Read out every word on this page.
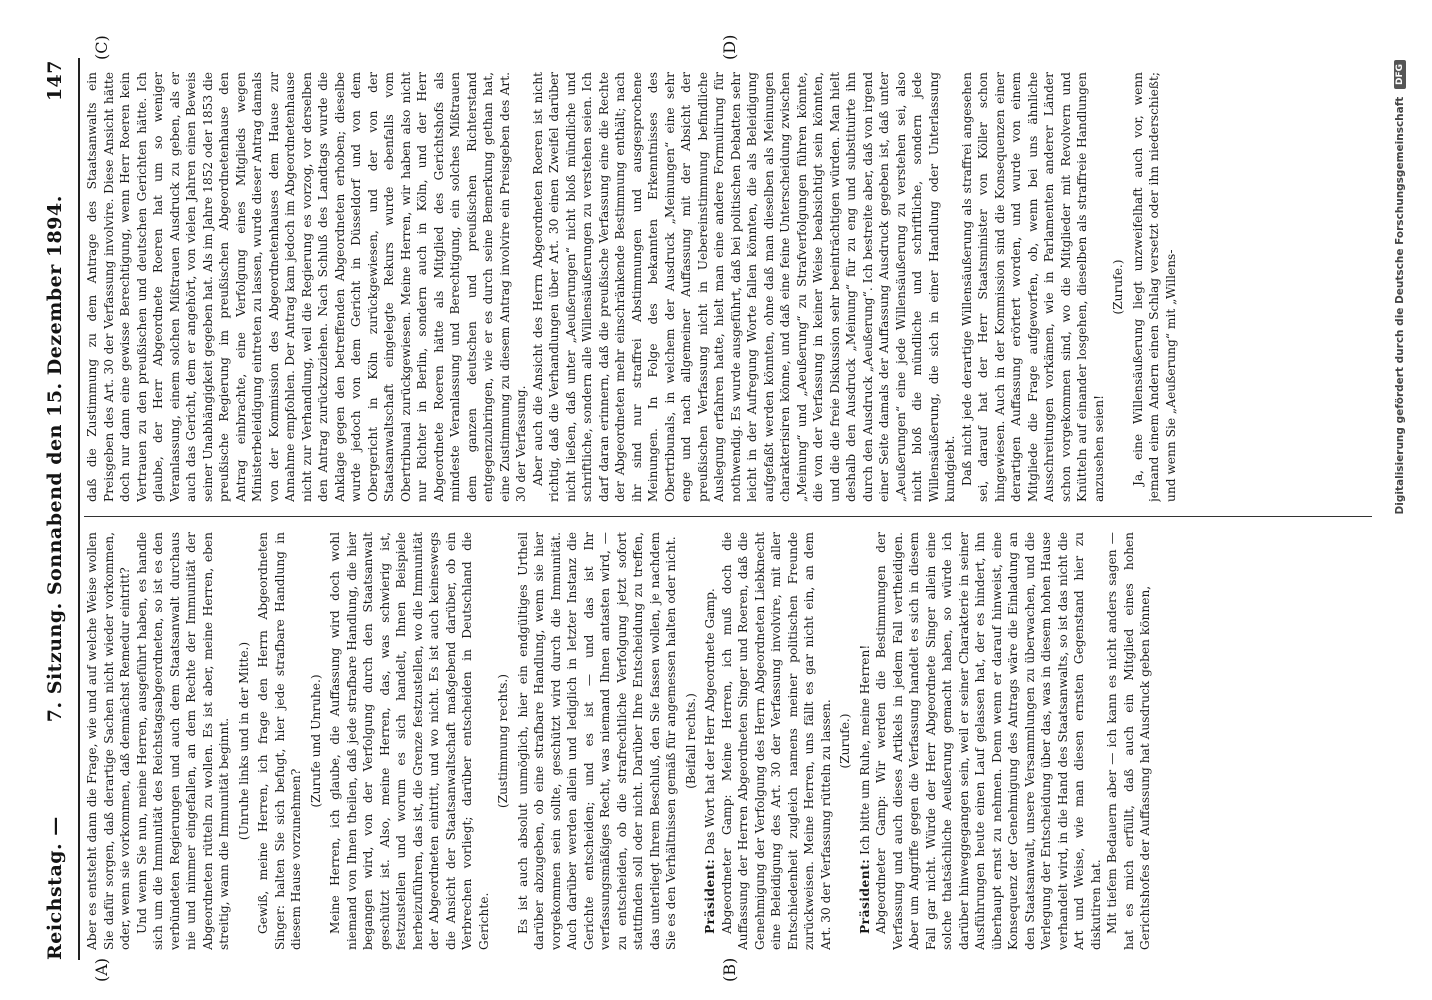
Reichstag. —
7. Sitzung. Sonnabend den 15. Dezember 1894.
147
(A)	(B)
(C)	(D)

Aber es entsteht dann die Frage, wie und auf welche Weise wollen Sie dafür sorgen, daß derartige Sachen nicht wieder vorkommen, oder, wenn sie vorkommen, daß demnächst Remedur eintritt? Und wenn Sie nun, meine Herren, ausgeführt haben, es handle sich um die Immunität des Reichstagsabgeordneten, so ist es den verbündeten Regierungen und auch dem Staatsanwalt durchaus nie und nimmer eingefallen, an dem Rechte der Immunität der Abgeordneten rütteln zu wollen. Es ist aber, meine Herren, eben streitig, wann die Immunität beginnt. (Unruhe links und in der Mitte.) Gewiß, meine Herren, ich frage den Herrn Abgeordneten Singer: halten Sie sich befugt, hier jede strafbare Handlung in diesem Hause vorzunehmen?

(Zurufe und Unruhe.) Meine Herren, ich glaube, die Auffassung wird doch wohl niemand von Ihnen theilen, daß jede strafbare Handlung, die hier begangen wird, von der Verfolgung durch den Staatsanwalt geschützt ist. Also, meine Herren, das, was schwierig ist, festzustellen und worum es sich handelt, Ihnen Beispiele herbeizuführen, das ist, die Grenze festzustellen, wo die Immunität der Abgeordneten eintritt, und wo nicht. Es ist auch keineswegs die Ansicht der Staatsanwaltschaft maßgebend darüber, ob ein Verbrechen vorliegt; darüber entscheiden in Deutschland die Gerichte.

(Zustimmung rechts.) Es ist auch absolut unmöglich, hier ein endgültiges Urtheil darüber abzugeben, ob eine strafbare Handlung, wenn sie hier vorgekommen sein sollte, geschützt wird durch die Immunität. Auch darüber werden allein und lediglich in letzter Instanz die Gerichte entscheiden; und es ist — und das ist Ihr verfassungsmäßiges Recht, was niemand Ihnen antasten wird, — zu entscheiden, ob die strafrechtliche Verfolgung jetzt sofort stattfinden soll oder nicht. Darüber Ihre Entscheidung zu treffen, das unterliegt Ihrem Beschluß, den Sie fassen wollen, je nachdem Sie es den Verhältnissen gemäß für angemessen halten oder nicht. (Beifall rechts.)

Präsident: Das Wort hat der Herr Abgeordnete Gamp. Abgeordneter Gamp: Meine Herren, ich muß doch die Auffassung der Herren Abgeordneten Singer und Roeren, daß die Genehmigung der Verfolgung des Herrn Abgeordneten Liebknecht eine Beleidigung des Art. 30 der Verfassung involvire, mit aller Entschiedenheit zugleich namens meiner politischen Freunde zurückweisen. Meine Herren, uns fällt es gar nicht ein, an dem Art. 30 der Verfassung rütteln zu lassen. (Zurufe.)

Präsident: Ich bitte um Ruhe, meine Herren! Abgeordneter Gamp: Wir werden die Bestimmungen der Verfassung und auch dieses Artikels in jedem Fall vertheidigen. Aber um Angriffe gegen die Verfassung handelt es sich in diesem Fall gar nicht. Würde der Herr Abgeordnete Singer allein eine solche thatsächliche Aeußerung gemacht haben, so würde ich darüber hinweggegangen sein, weil er seiner Charakterie in seiner Ausführungen heute einen Lauf gelassen hat, der es hindert, ihn überhaupt ernst zu nehmen. Denn wenn er darauf hinweist, eine Konsequenz der Genehmigung des Antrags wäre die Einladung an den Staatsanwalt, unsere Versammlungen zu überwachen, und die Verlegung der Entscheidung über das, was in diesem hohen Hause verhandelt wird, in die Hand des Staatsanwalts, so ist das nicht die Art und Weise, wie man diesen ernsten Gegenstand hier zu diskutiren hat. Mit tiefem Bedauern aber — ich kann es nicht anders sagen — hat es mich erfüllt, daß auch ein Mitglied eines hohen Gerichtshofes der Auffassung hat Ausdruck geben können,

daß die Zustimmung zu dem Antrage des Staatsanwalts ein Preisgeben des Art. 30 der Verfassung involvire. Diese Ansicht hätte doch nur dann eine gewisse Berechtigung, wenn Herr Roeren kein Vertrauen zu den preußischen und deutschen Gerichten hätte. Ich glaube, der Herr Abgeordnete Roeren hat um so weniger Veranlassung, einem solchen Mißtrauen Ausdruck zu geben, als er auch das Gericht, dem er angehört, von vielen Jahren einen Beweis seiner Unabhängigkeit gegeben hat. Als im Jahre 1852 oder 1853 die preußische Regierung im preußischen Abgeordnetenhause den Antrag einbrachte, eine Verfolgung eines Mitglieds wegen Ministerbeleidigung eintreten zu lassen, wurde dieser Antrag damals von der Kommission des Abgeordnetenhauses dem Hause zur Annahme empfohlen. Der Antrag kam jedoch im Abgeordnetenhause nicht zur Verhandlung, weil die Regierung es vorzog, vor derselben den Antrag zurückzuziehen. Nach Schluß des Landtags wurde die Anklage gegen den betreffenden Abgeordneten erhoben; dieselbe wurde jedoch von dem Gericht in Düsseldorf und von dem Obergericht in Köln zurückgewiesen, und der von der Staatsanwaltschaft eingelegte Rekurs wurde ebenfalls vom Obertribunal zurückgewiesen. Meine Herren, wir haben also nicht nur Richter in Berlin, sondern auch in Köln, und der Herr Abgeordnete Roeren hätte als Mitglied des Gerichtshofs als mindeste Veranlassung und Berechtigung, ein solches Mißtrauen dem ganzen deutschen und preußischen Richterstand entgegenzubringen, wie er es durch seine Bemerkung gethan hat, eine Zustimmung zu diesem Antrag involvire ein Preisgeben des Art. 30 der Verfassung. Aber auch die Ansicht des Herrn Abgeordneten Roeren ist nicht richtig, daß die Verhandlungen über Art. 30 einen Zweifel darüber nicht ließen, daß unter „Aeußerungen“ nicht bloß mündliche und schriftliche, sondern alle Willensäußerungen zu verstehen seien. Ich darf daran erinnern, daß die preußische Verfassung eine die Rechte der Abgeordneten mehr einschränkende Bestimmung enthält; nach ihr sind nur straffrei Abstimmungen und ausgesprochene Meinungen. In Folge des bekannten Erkenntnisses des Obertribunals, in welchem der Ausdruck „Meinungen“ eine sehr enge und nach allgemeiner Auffassung mit der Absicht der preußischen Verfassung nicht in Uebereinstimmung befindliche Auslegung erfahren hatte, hielt man eine andere Formulirung für nothwendig. Es wurde ausgeführt, daß bei politischen Debatten sehr leicht in der Aufregung Worte fallen könnten, die als Beleidigung aufgefaßt werden könnten, ohne daß man dieselben als Meinungen charakterisiren könne, und daß eine feine Unterscheidung zwischen „Meinung“ und „Aeußerung“ zu Strafverfolgungen führen könnte, die von der Verfassung in keiner Weise beabsichtigt sein könnten, und die die freie Diskussion sehr beeinträchtigen würden. Man hielt deshalb den Ausdruck „Meinung“ für zu eng und substituirte ihn durch den Ausdruck „Aeußerung“. Ich bestreite aber, daß von irgend einer Seite damals der Auffassung Ausdruck gegeben ist, daß unter „Aeußerungen“ eine jede Willensäußerung zu verstehen sei, also nicht bloß die mündliche und schriftliche, sondern jede Willensäußerung, die sich in einer Handlung oder Unterlassung kundgiebt. Daß nicht jede derartige Willensäußerung als straffrei angesehen sei, darauf hat der Herr Staatsminister von Köller schon hingewiesen. Auch in der Kommission sind die Konsequenzen einer derartigen Auffassung erörtert worden, und wurde von einem Mitgliede die Frage aufgeworfen, ob, wenn bei uns ähnliche Ausschreitungen vorkämen, wie in Parlamenten anderer Länder schon vorgekommen sind, wo die Mitglieder mit Revolvern und Knütteln auf einander losgehen, dieselben als straffreie Handlungen anzusehen seien!

(Zurufe.) Ja, eine Willensäußerung liegt unzweifelhaft auch vor, wenn jemand einem Andern einen Schlag versetzt oder ihn niederschießt; und wenn Sie „Aeußerung“ mit „Willens-	Digitalisierung gefördert durch die Deutsche Forschungsgemeinschaft DFG
